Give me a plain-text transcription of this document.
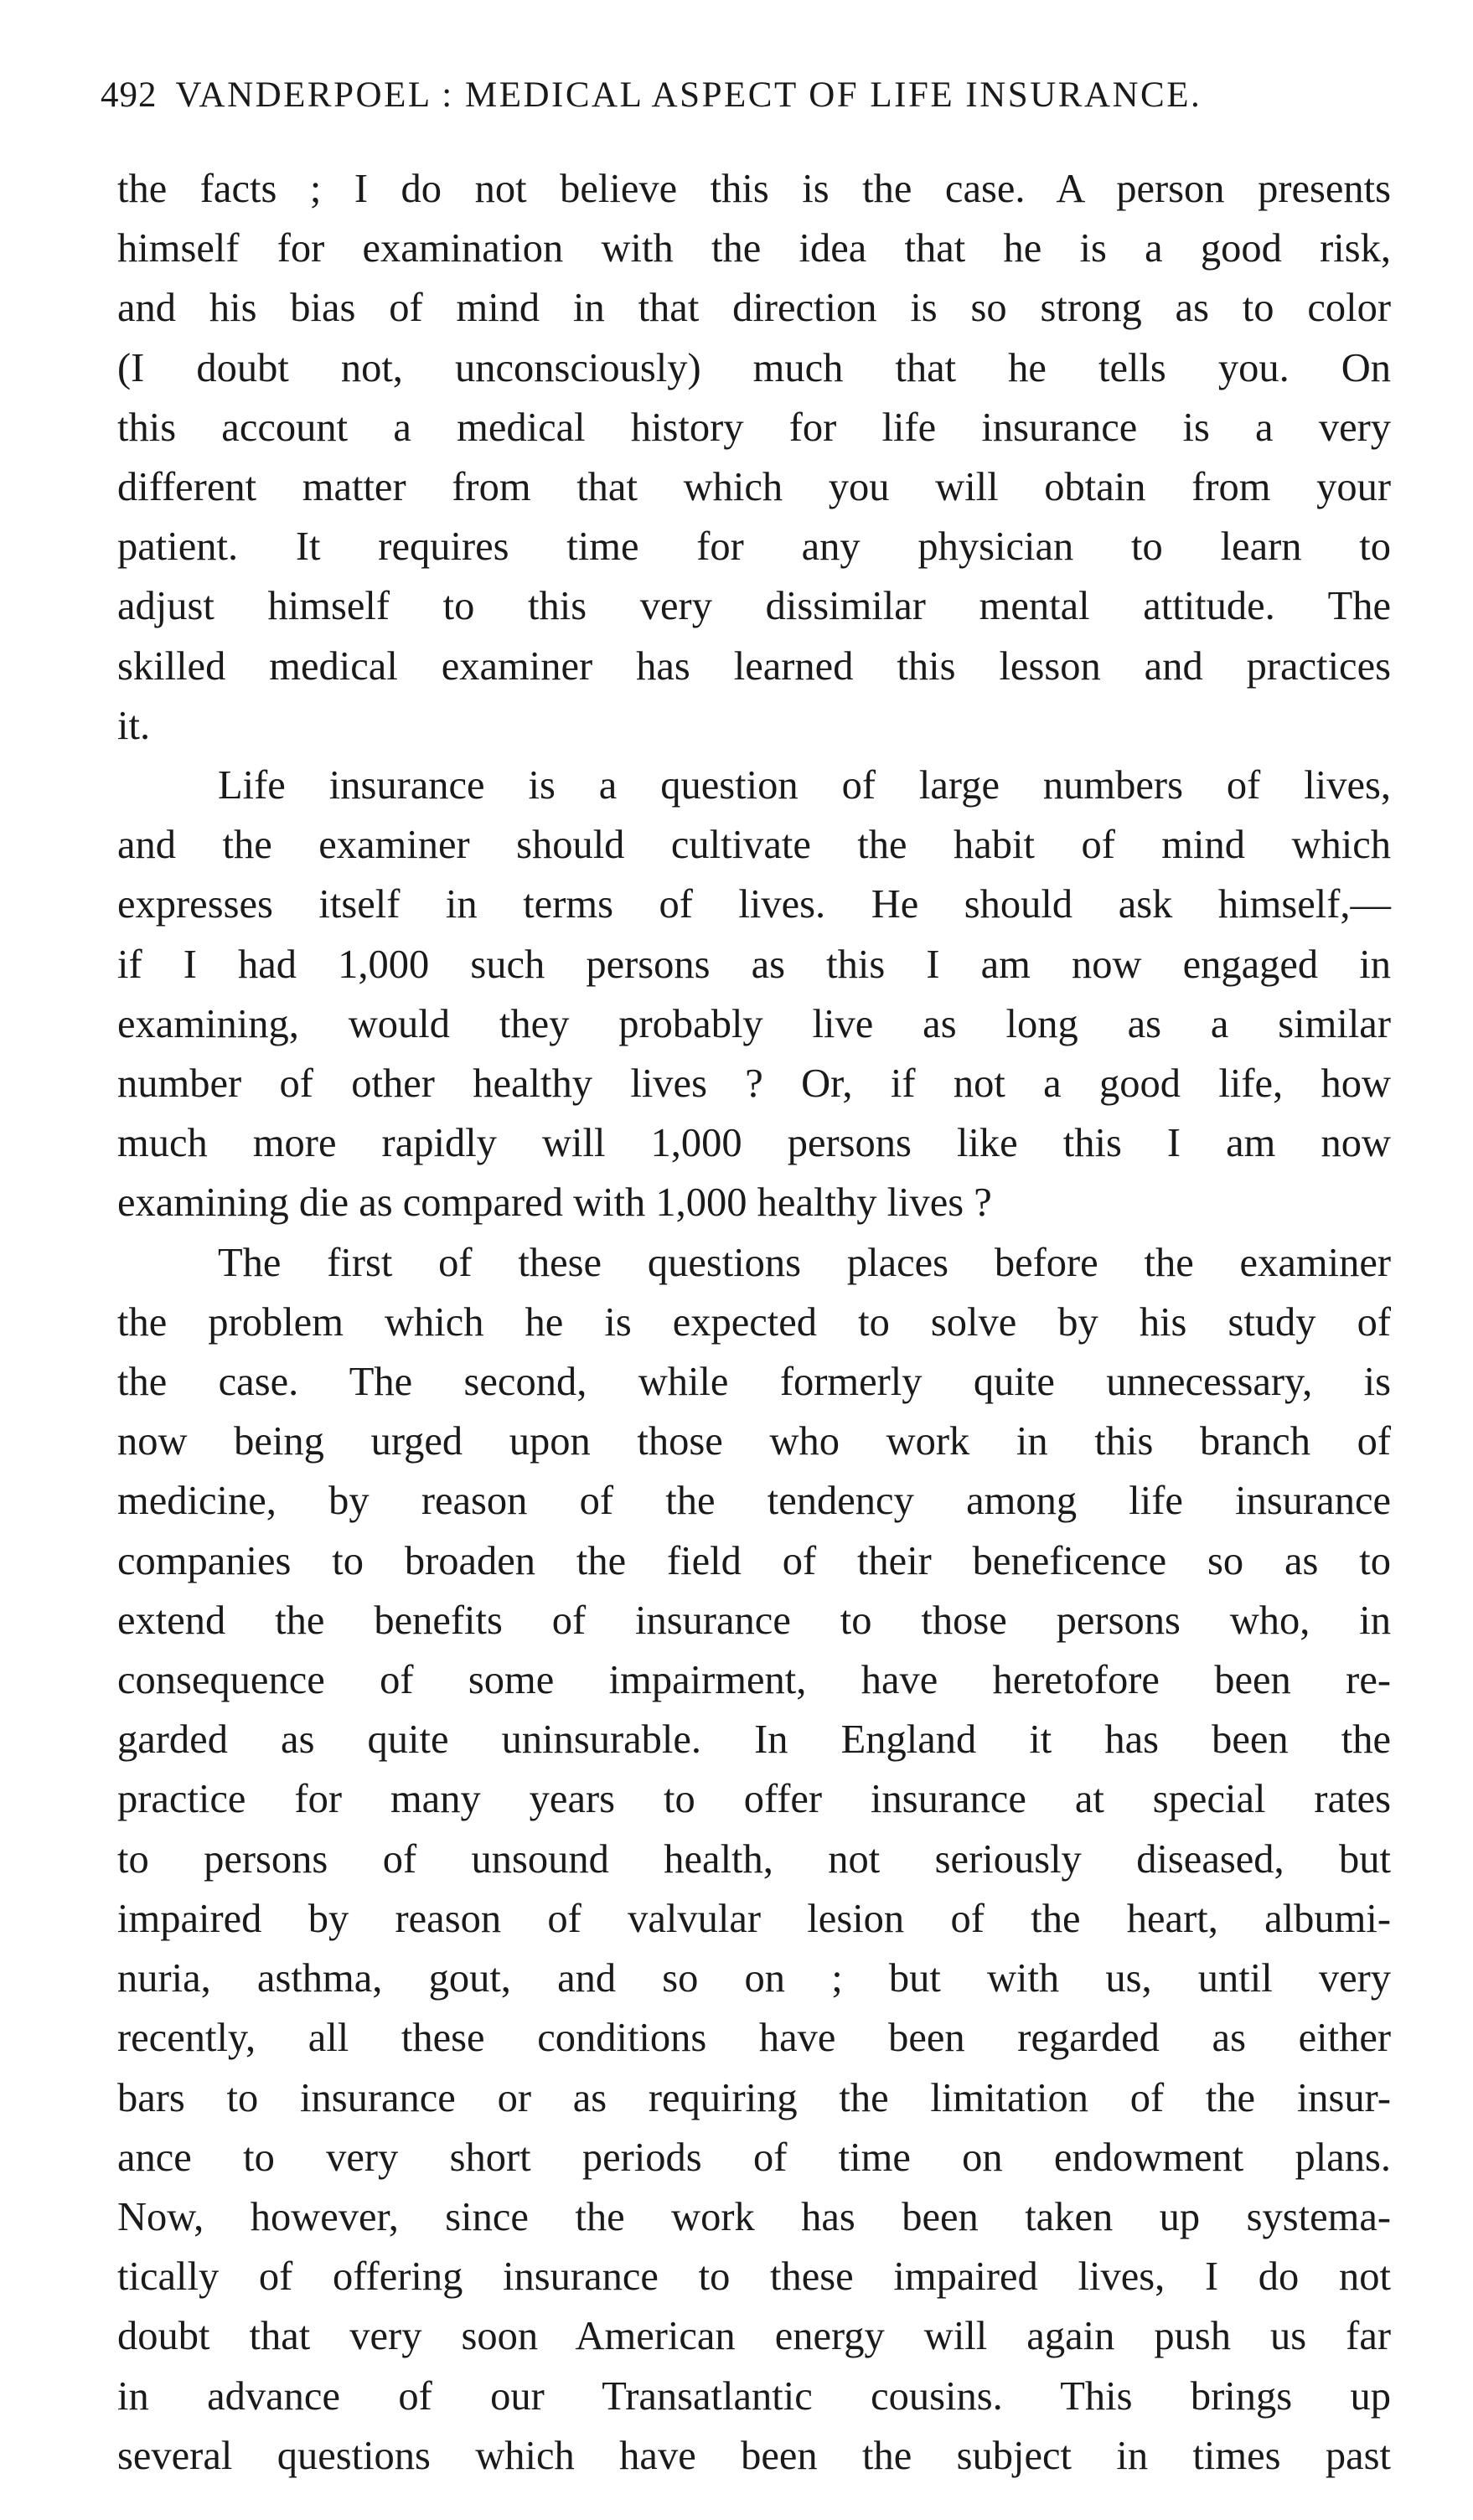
492 VANDERPOEL : MEDICAL ASPECT OF LIFE INSURANCE.

the facts ; I do not believe this is the case. A person presents
himself for examination with the idea that he is a good risk,
and his bias of mind in that direction is so strong as to color
(I doubt not, unconsciously) much that he tells you. On
this account a medical history for life insurance is a very
different matter from that which you will obtain from your
patient. It requires time for any physician to learn to
adjust himself to this very dissimilar mental attitude. The
skilled medical examiner has learned this lesson and practices
it.

Life insurance is a question of large numbers of lives,
and the examiner should cultivate the habit of mind which
expresses itself in terms of lives. He should ask himself,—
if I had 1,000 such persons as this I am now engaged in
examining, would they probably live as long as a similar
number of other healthy lives ? Or, if not a good life, how
much more rapidly will 1,000 persons like this I am now
examining die as compared with 1,000 healthy lives ?

The first of these questions places before the examiner
the problem which he is expected to solve by his study of
the case. The second, while formerly quite unnecessary, is
now being urged upon those who work in this branch of
medicine, by reason of the tendency among life insurance
companies to broaden the field of their beneficence so as to
extend the benefits of insurance to those persons who, in
consequence of some impairment, have heretofore been re-
garded as quite uninsurable. In England it has been the
practice for many years to offer insurance at special rates
to persons of unsound health, not seriously diseased, but
impaired by reason of valvular lesion of the heart, albumi-
nuria, asthma, gout, and so on ; but with us, until very
recently, all these conditions have been regarded as either
bars to insurance or as requiring the limitation of the insur-
ance to very short periods of time on endowment plans.
Now, however, since the work has been taken up systema-
tically of offering insurance to these impaired lives, I do not
doubt that very soon American energy will again push us far
in advance of our Transatlantic cousins. This brings up
several questions which have been the subject in times past
